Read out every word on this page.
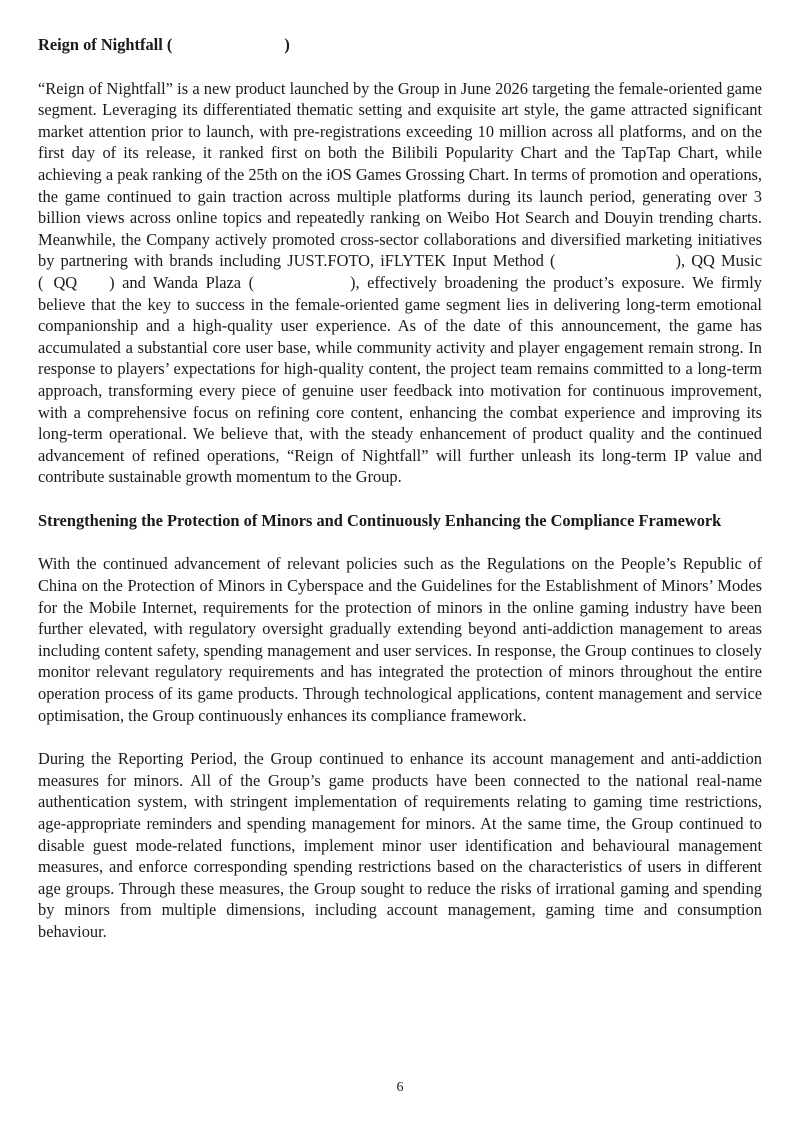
Reign of Nightfall (	)

“Reign of Nightfall” is a new product launched by the Group in June 2026 targeting the female-oriented game segment. Leveraging its differentiated thematic setting and exquisite art style, the game attracted significant market attention prior to launch, with pre-registrations exceeding 10 million across all platforms, and on the first day of its release, it ranked first on both the Bilibili Popularity Chart and the TapTap Chart, while achieving a peak ranking of the 25th on the iOS Games Grossing Chart. In terms of promotion and operations, the game continued to gain traction across multiple platforms during its launch period, generating over 3 billion views across online topics and repeatedly ranking on Weibo Hot Search and Douyin trending charts. Meanwhile, the Company actively promoted cross-sector collaborations and diversified marketing initiatives by partnering with brands including JUST.FOTO, iFLYTEK Input Method (	), QQ Music ( QQ ) and Wanda Plaza (	), effectively broadening the product’s exposure. We firmly believe that the key to success in the female-oriented game segment lies in delivering long-term emotional companionship and a high-quality user experience. As of the date of this announcement, the game has accumulated a substantial core user base, while community activity and player engagement remain strong. In response to players’ expectations for high-quality content, the project team remains committed to a long-term approach, transforming every piece of genuine user feedback into motivation for continuous improvement, with a comprehensive focus on refining core content, enhancing the combat experience and improving its long-term operational. We believe that, with the steady enhancement of product quality and the continued advancement of refined operations, “Reign of Nightfall” will further unleash its long-term IP value and contribute sustainable growth momentum to the Group.

Strengthening the Protection of Minors and Continuously Enhancing the Compliance Framework

With the continued advancement of relevant policies such as the Regulations on the People’s Republic of China on the Protection of Minors in Cyberspace and the Guidelines for the Establishment of Minors’ Modes for the Mobile Internet, requirements for the protection of minors in the online gaming industry have been further elevated, with regulatory oversight gradually extending beyond anti-addiction management to areas including content safety, spending management and user services. In response, the Group continues to closely monitor relevant regulatory requirements and has integrated the protection of minors throughout the entire operation process of its game products. Through technological applications, content management and service optimisation, the Group continuously enhances its compliance framework.

During the Reporting Period, the Group continued to enhance its account management and anti-addiction measures for minors. All of the Group’s game products have been connected to the national real-name authentication system, with stringent implementation of requirements relating to gaming time restrictions, age-appropriate reminders and spending management for minors. At the same time, the Group continued to disable guest mode-related functions, implement minor user identification and behavioural management measures, and enforce corresponding spending restrictions based on the characteristics of users in different age groups. Through these measures, the Group sought to reduce the risks of irrational gaming and spending by minors from multiple dimensions, including account management, gaming time and consumption behaviour.

6
